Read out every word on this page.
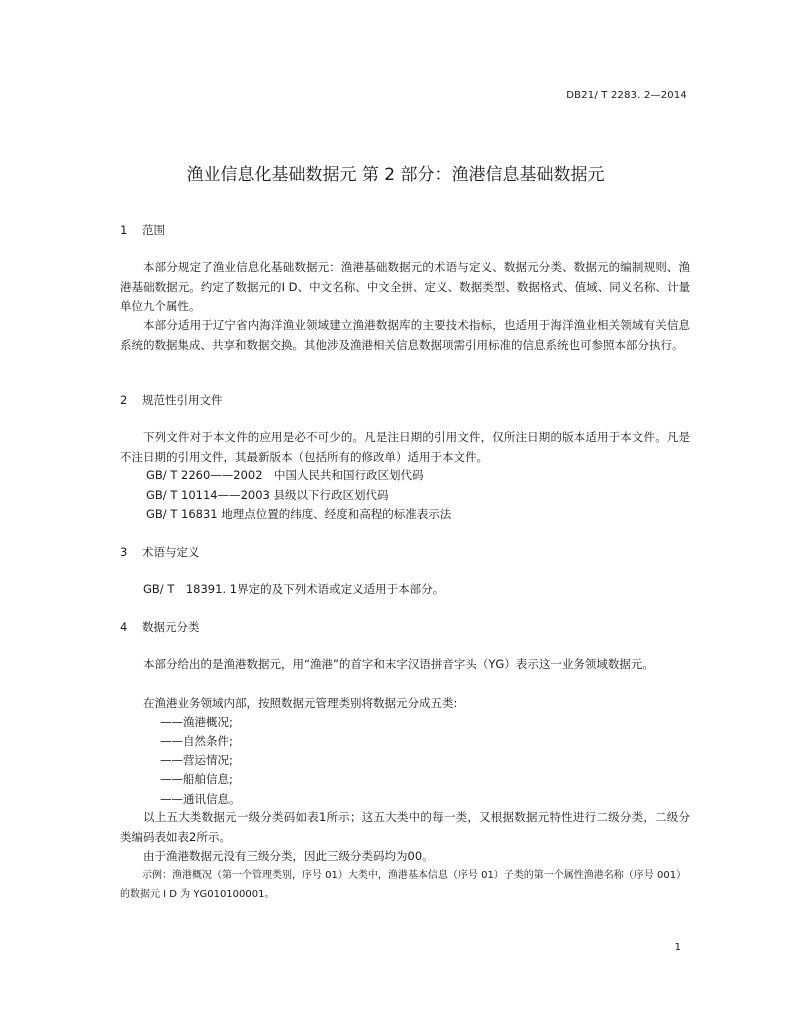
DB21/ T 2283. 2—2014
渔业信息化基础数据元 第 2 部分：渔港信息基础数据元
1 范围

本部分规定了渔业信息化基础数据元：渔港基础数据元的术语与定义、数据元分类、数据元的编制规则、渔港基础数据元。约定了数据元的I D、中文名称、中文全拼、定义、数据类型、数据格式、值域、同义名称、计量单位九个属性。

本部分适用于辽宁省内海洋渔业领域建立渔港数据库的主要技术指标，也适用于海洋渔业相关领域有关信息系统的数据集成、共享和数据交换。其他涉及渔港相关信息数据项需引用标准的信息系统也可参照本部分执行。

2 规范性引用文件

下列文件对于本文件的应用是必不可少的。凡是注日期的引用文件，仅所注日期的版本适用于本文件。凡是不注日期的引用文件，其最新版本（包括所有的修改单）适用于本文件。

GB/ T 2260——2002　中国人民共和国行政区划代码

GB/ T 10114——2003 县级以下行政区划代码

GB/ T 16831 地理点位置的纬度、经度和高程的标准表示法

3 术语与定义

GB/ T　18391. 1界定的及下列术语或定义适用于本部分。

4 数据元分类

本部分给出的是渔港数据元，用“渔港”的首字和末字汉语拼音字头（YG）表示这一业务领域数据元。

在渔港业务领域内部，按照数据元管理类别将数据元分成五类:

——渔港概况;

——自然条件;

——营运情况;

——船舶信息;

——通讯信息。

以上五大类数据元一级分类码如表1所示；这五大类中的每一类，又根据数据元特性进行二级分类，二级分类编码表如表2所示。

由于渔港数据元没有三级分类，因此三级分类码均为00。

示例：渔港概况（第一个管理类别，序号 01）大类中，渔港基本信息（序号 01）子类的第一个属性渔港名称（序号 001）的数据元 I D 为 YG010100001。

1
